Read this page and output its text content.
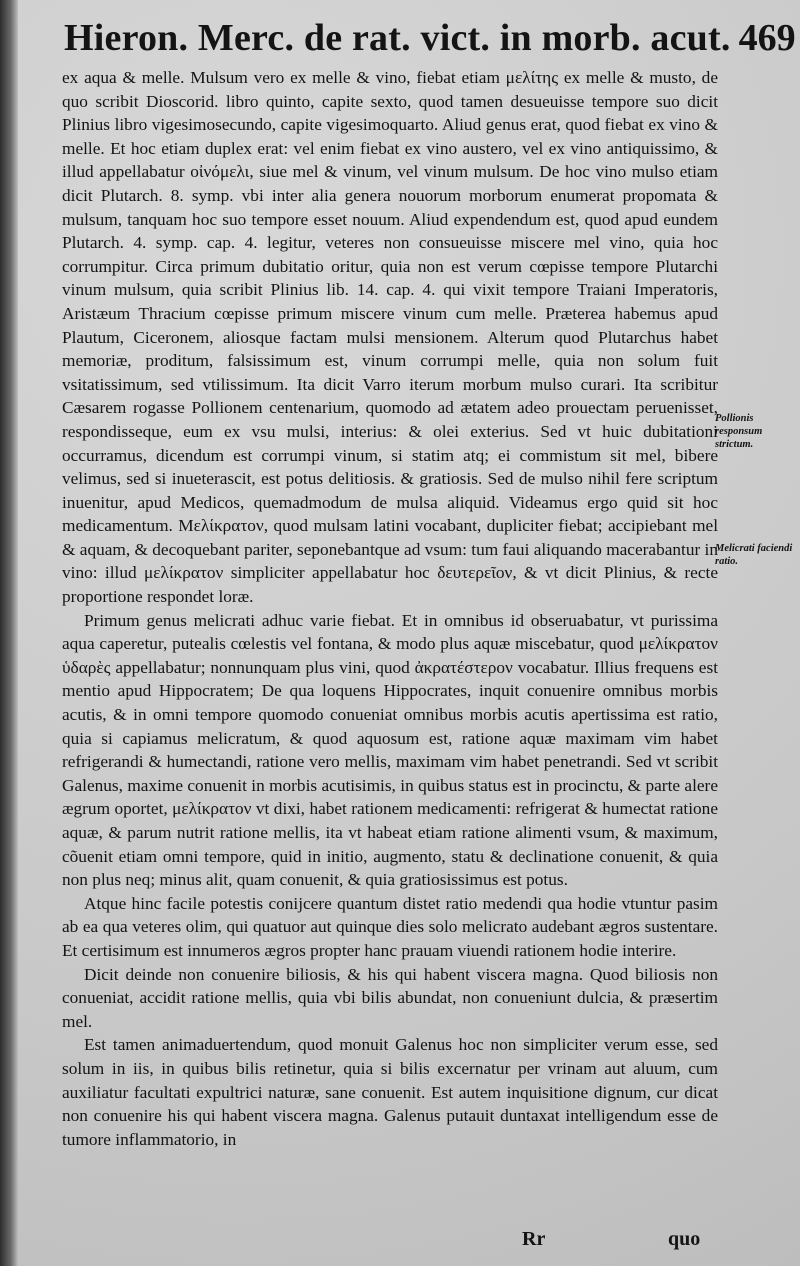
Hieron. Merc. de rat. vict. in morb. acut. 469

ex aqua & melle. Mulsum vero ex melle & vino, fiebat etiam μελίτης ex melle & musto, de quo scribit Dioscorid. libro quinto, capite sexto, quod tamen desueuisse tempore suo dicit Plinius libro vigesimosecundo, capite vigesimoquarto. Aliud genus erat, quod fiebat ex vino & melle. Et hoc etiam duplex erat: vel enim fiebat ex vino austero, vel ex vino antiquissimo, & illud appellabatur οἰνόμελι, siue mel & vinum, vel vinum mulsum. De hoc vino mulso etiam dicit Plutarch. 8. symp. vbi inter alia genera nouorum morborum enumerat propomata & mulsum, tanquam hoc suo tempore esset nouum. Aliud expendendum est, quod apud eundem Plutarch. 4. symp. cap. 4. legitur, veteres non consueuisse miscere mel vino, quia hoc corrumpitur. Circa primum dubitatio oritur, quia non est verum cœpisse tempore Plutarchi vinum mulsum, quia scribit Plinius lib. 14. cap. 4. qui vixit tempore Traiani Imperatoris, Aristæum Thracium cœpisse primum miscere vinum cum melle. Præterea habemus apud Plautum, Ciceronem, aliosque factam mulsi mensionem. Alterum quod Plutarchus habet memoriæ, proditum, falsissimum est, vinum corrumpi melle, quia non solum fuit vsitatissimum, sed vtilissimum. Ita dicit Varro iterum morbum mulso curari. Ita scribitur Cæsarem rogasse Pollionem centenarium, quomodo ad ætatem adeo prouectam peruenisset, respondisseque, eum ex vsu mulsi, interius: & olei exterius. Sed vt huic dubitationi occurramus, dicendum est corrumpi vinum, si statim atq; ei commistum sit mel, bibere velimus, sed si inueterascit, est potus delitiosis. & gratiosis. Sed de mulso nihil fere scriptum inuenitur, apud Medicos, quemadmodum de mulsa aliquid. Videamus ergo quid sit hoc medicamentum. Μελίκρατον, quod mulsam latini vocabant, dupliciter fiebat; accipiebant mel & aquam, & decoquebant pariter, seponebantque ad vsum: tum faui aliquando macerabantur in vino: illud μελίκρατον simpliciter appellabatur hoc δευτερεῖον, & vt dicit Plinius, & recte proportione respondet loræ.

Primum genus melicrati adhuc varie fiebat. Et in omnibus id obseruabatur, vt purissima aqua caperetur, putealis cœlestis vel fontana, & modo plus aquæ miscebatur, quod μελίκρατον ὑδαρὲς appellabatur; nonnunquam plus vini, quod ἀκρατέστερον vocabatur. Illius frequens est mentio apud Hippocratem; De qua loquens Hippocrates, inquit conuenire omnibus morbis acutis, & in omni tempore quomodo conueniat omnibus morbis acutis apertissima est ratio, quia si capiamus melicratum, & quod aquosum est, ratione aquæ maximam vim habet refrigerandi & humectandi, ratione vero mellis, maximam vim habet penetrandi. Sed vt scribit Galenus, maxime conuenit in morbis acutisimis, in quibus status est in procinctu, & parte alere ægrum oportet, μελίκρατον vt dixi, habet rationem medicamenti: refrigerat & humectat ratione aquæ, & parum nutrit ratione mellis, ita vt habeat etiam ratione alimenti vsum, & maximum, cõuenit etiam omni tempore, quid in initio, augmento, statu & declinatione conuenit, & quia non plus neq; minus alit, quam conuenit, & quia gratiosissimus est potus.

Atque hinc facile potestis conijcere quantum distet ratio medendi qua hodie vtuntur pasim ab ea qua veteres olim, qui quatuor aut quinque dies solo melicrato audebant ægros sustentare. Et certisimum est innumeros ægros propter hanc prauam viuendi rationem hodie interire.

Dicit deinde non conuenire biliosis, & his qui habent viscera magna. Quod biliosis non conueniat, accidit ratione mellis, quia vbi bilis abundat, non conueniunt dulcia, & præsertim mel.

Est tamen animaduertendum, quod monuit Galenus hoc non simpliciter verum esse, sed solum in iis, in quibus bilis retinetur, quia si bilis excernatur per vrinam aut aluum, cum auxiliatur facultati expultrici naturæ, sane conuenit. Est autem inquisitione dignum, cur dicat non conuenire his qui habent viscera magna. Galenus putauit duntaxat intelligendum esse de tumore inflammatorio, in

Pollionis responsum strictum.
Melicrati faciendi ratio.
Rr	quo
